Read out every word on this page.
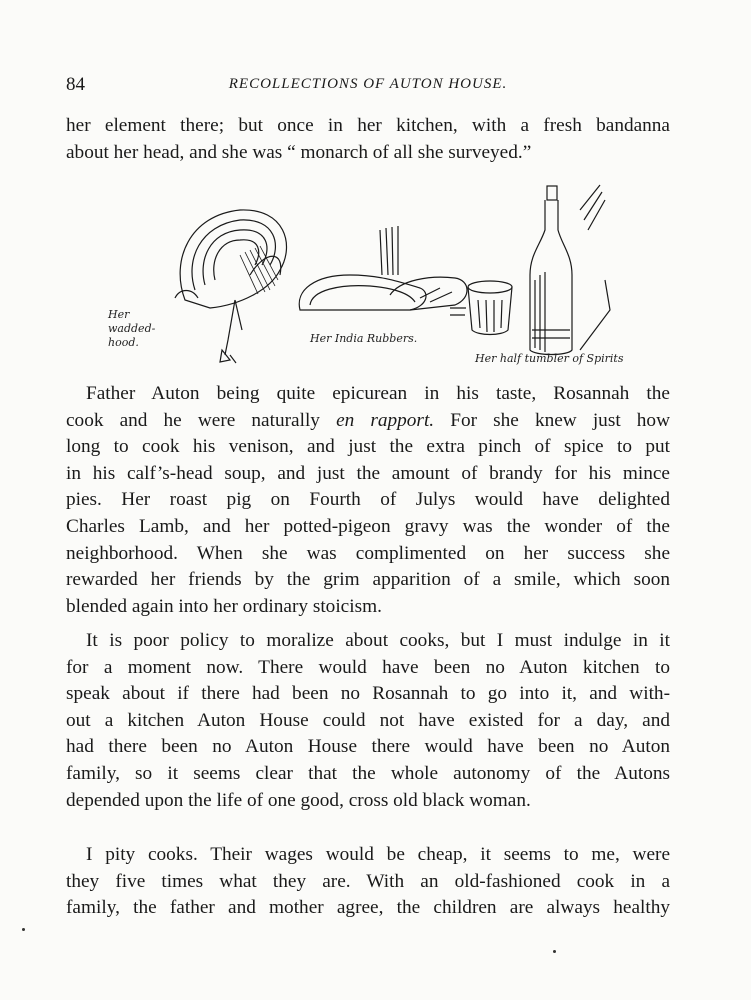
84	RECOLLECTIONS OF AUTON HOUSE.
her element there; but once in her kitchen, with a fresh bandanna
about her head, and she was “ monarch of all she surveyed.”
Her wadded-hood.	Her India Rubbers.
Her half tumbler of Spirits
Father Auton being quite epicurean in his taste, Rosannah the
cook and he were naturally en rapport. For she knew just how
long to cook his venison, and just the extra pinch of spice to put
in his calf’s-head soup, and just the amount of brandy for his mince
pies. Her roast pig on Fourth of Julys would have delighted
Charles Lamb, and her potted-pigeon gravy was the wonder of the
neighborhood. When she was complimented on her success she
rewarded her friends by the grim apparition of a smile, which soon
blended again into her ordinary stoicism.
It is poor policy to moralize about cooks, but I must indulge in it
for a moment now. There would have been no Auton kitchen to
speak about if there had been no Rosannah to go into it, and with-
out a kitchen Auton House could not have existed for a day, and
had there been no Auton House there would have been no Auton
family, so it seems clear that the whole autonomy of the Autons
depended upon the life of one good, cross old black woman.
I pity cooks. Their wages would be cheap, it seems to me, were
they five times what they are. With an old-fashioned cook in a
family, the father and mother agree, the children are always healthy
